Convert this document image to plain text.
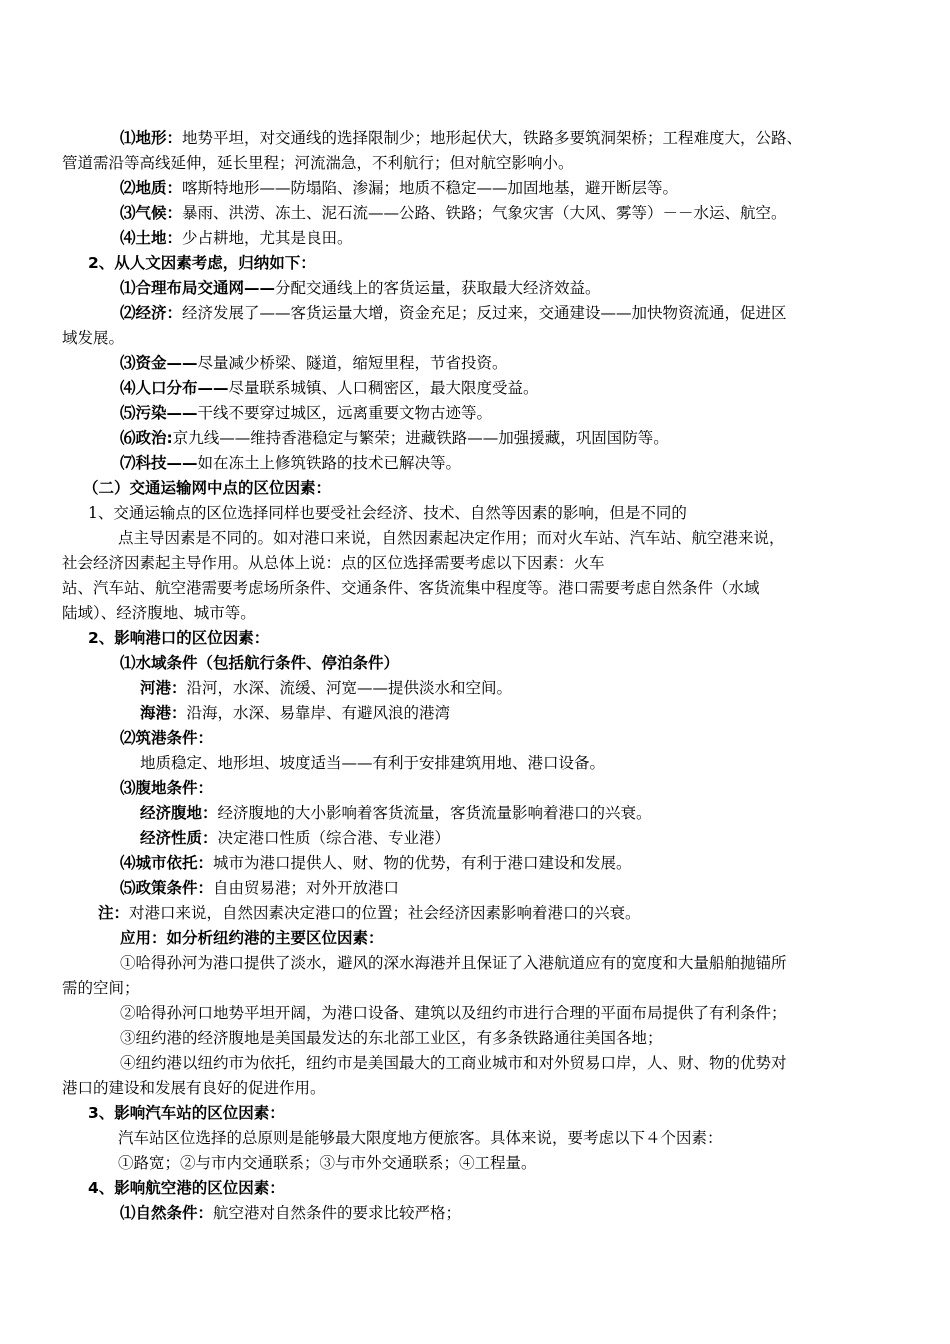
⑴地形：地势平坦，对交通线的选择限制少；地形起伏大，铁路多要筑洞架桥；工程难度大，公路、
管道需沿等高线延伸，延长里程；河流湍急，不利航行；但对航空影响小。
⑵地质：喀斯特地形——防塌陷、渗漏；地质不稳定——加固地基，避开断层等。
⑶气候：暴雨、洪涝、冻土、泥石流——公路、铁路；气象灾害（大风、雾等）－－水运、航空。
⑷土地：少占耕地，尤其是良田。
2、从人文因素考虑，归纳如下：
⑴合理布局交通网——分配交通线上的客货运量，获取最大经济效益。
⑵经济：经济发展了——客货运量大增，资金充足；反过来，交通建设——加快物资流通，促进区
域发展。
⑶资金——尽量减少桥梁、隧道，缩短里程，节省投资。
⑷人口分布——尽量联系城镇、人口稠密区，最大限度受益。
⑸污染——干线不要穿过城区，远离重要文物古迹等。
⑹政治:京九线——维持香港稳定与繁荣；进藏铁路——加强援藏，巩固国防等。
⑺科技——如在冻土上修筑铁路的技术已解决等。
（二）交通运输网中点的区位因素：
1、交通运输点的区位选择同样也要受社会经济、技术、自然等因素的影响，但是不同的
点主导因素是不同的。如对港口来说，自然因素起决定作用；而对火车站、汽车站、航空港来说，
社会经济因素起主导作用。从总体上说：点的区位选择需要考虑以下因素：火车
站、汽车站、航空港需要考虑场所条件、交通条件、客货流集中程度等。港口需要考虑自然条件（水域
陆域）、经济腹地、城市等。
2、影响港口的区位因素：
⑴水域条件（包括航行条件、停泊条件）
河港：沿河，水深、流缓、河宽——提供淡水和空间。
海港：沿海，水深、易靠岸、有避风浪的港湾
⑵筑港条件：
地质稳定、地形坦、坡度适当——有利于安排建筑用地、港口设备。
⑶腹地条件：
经济腹地：经济腹地的大小影响着客货流量，客货流量影响着港口的兴衰。
经济性质：决定港口性质（综合港、专业港）
⑷城市依托：城市为港口提供人、财、物的优势，有利于港口建设和发展。
⑸政策条件：自由贸易港；对外开放港口
注：对港口来说，自然因素决定港口的位置；社会经济因素影响着港口的兴衰。
应用：如分析纽约港的主要区位因素：
①哈得孙河为港口提供了淡水，避风的深水海港并且保证了入港航道应有的宽度和大量船舶抛锚所
需的空间；
②哈得孙河口地势平坦开阔，为港口设备、建筑以及纽约市进行合理的平面布局提供了有利条件；
③纽约港的经济腹地是美国最发达的东北部工业区，有多条铁路通往美国各地；
④纽约港以纽约市为依托，纽约市是美国最大的工商业城市和对外贸易口岸，人、财、物的优势对
港口的建设和发展有良好的促进作用。
3、影响汽车站的区位因素：
汽车站区位选择的总原则是能够最大限度地方便旅客。具体来说，要考虑以下４个因素：
①路宽；②与市内交通联系；③与市外交通联系；④工程量。
4、影响航空港的区位因素：
⑴自然条件：航空港对自然条件的要求比较严格；
